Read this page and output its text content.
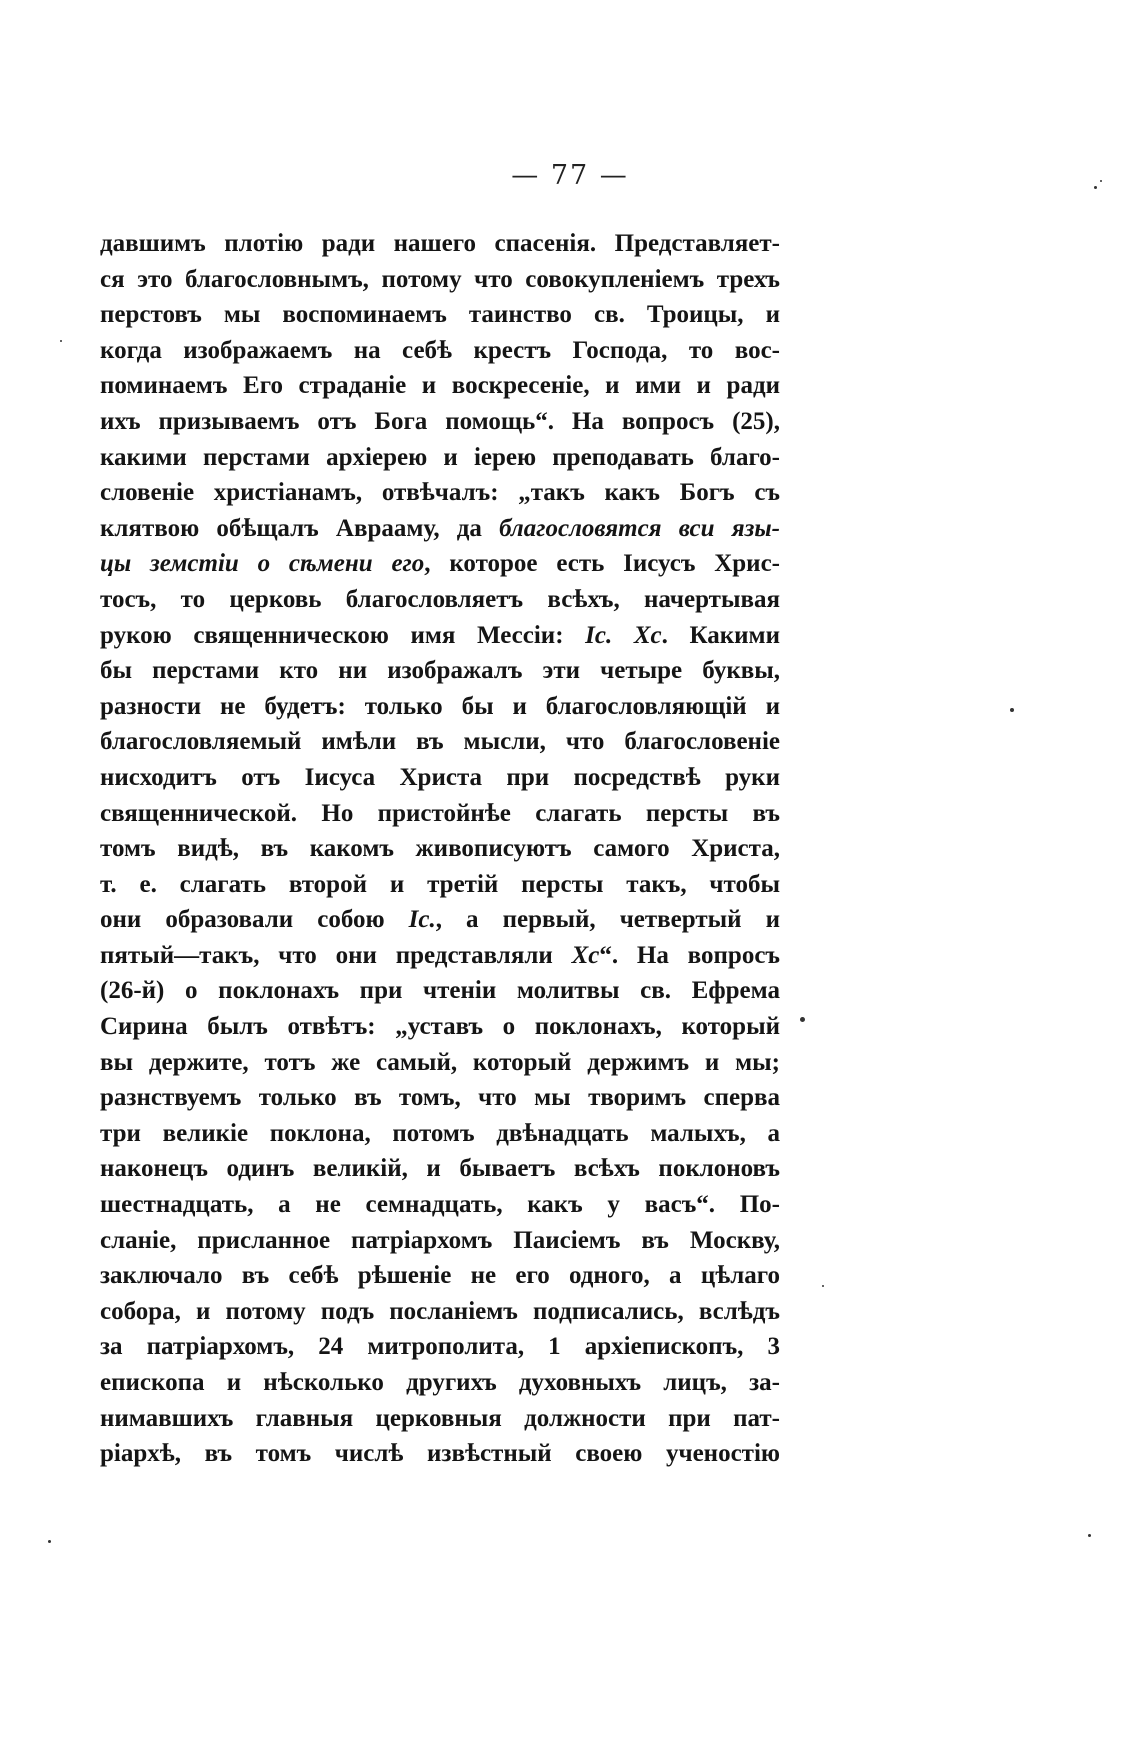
— 77 —
давшимъ плотію ради нашего спасенія. Представляет-
ся это благословнымъ, потому что совокупленіемъ трехъ
перстовъ мы воспоминаемъ таинство св. Троицы, и
когда изображаемъ на себѣ крестъ Господа, то вос-
поминаемъ Его страданіе и воскресеніе, и ими и ради
ихъ призываемъ отъ Бога помощь“. На вопросъ (25),
какими перстами архіерею и іерею преподавать благо-
словеніе христіанамъ, отвѣчалъ: „такъ какъ Богъ съ
клятвою обѣщалъ Аврааму, да благословятся вси язы-
цы земстіи о сѣмени его, которое есть Іисусъ Хрис-
тосъ, то церковь благословляетъ всѣхъ, начертывая
рукою священническою имя Мессіи: Іс. Хс. Какими
бы перстами кто ни изображалъ эти четыре буквы,
разности не будетъ: только бы и благословляющій и
благословляемый имѣли въ мысли, что благословеніе
нисходитъ отъ Іисуса Христа при посредствѣ руки
священнической. Но пристойнѣе слагать персты въ
томъ видѣ, въ какомъ живописуютъ самого Христа,
т. е. слагать второй и третій персты такъ, чтобы
они образовали собою Іс., а первый, четвертый и
пятый—такъ, что они представляли Хс“. На вопросъ
(26-й) о поклонахъ при чтеніи молитвы св. Ефрема
Сирина былъ отвѣтъ: „уставъ о поклонахъ, который
вы держите, тотъ же самый, который держимъ и мы;
разнствуемъ только въ томъ, что мы творимъ сперва
три великіе поклона, потомъ двѣнадцать малыхъ, а
наконецъ одинъ великій, и бываетъ всѣхъ поклоновъ
шестнадцать, а не семнадцать, какъ у васъ“. По-
сланіе, присланное патріархомъ Паисіемъ въ Москву,
заключало въ себѣ рѣшеніе не его одного, а цѣлаго
собора, и потому подъ посланіемъ подписались, вслѣдъ
за патріархомъ, 24 митрополита, 1 архіепископъ, 3
епископа и нѣсколько другихъ духовныхъ лицъ, за-
нимавшихъ главныя церковныя должности при пат-
ріархѣ, въ томъ числѣ извѣстный своею ученостію
